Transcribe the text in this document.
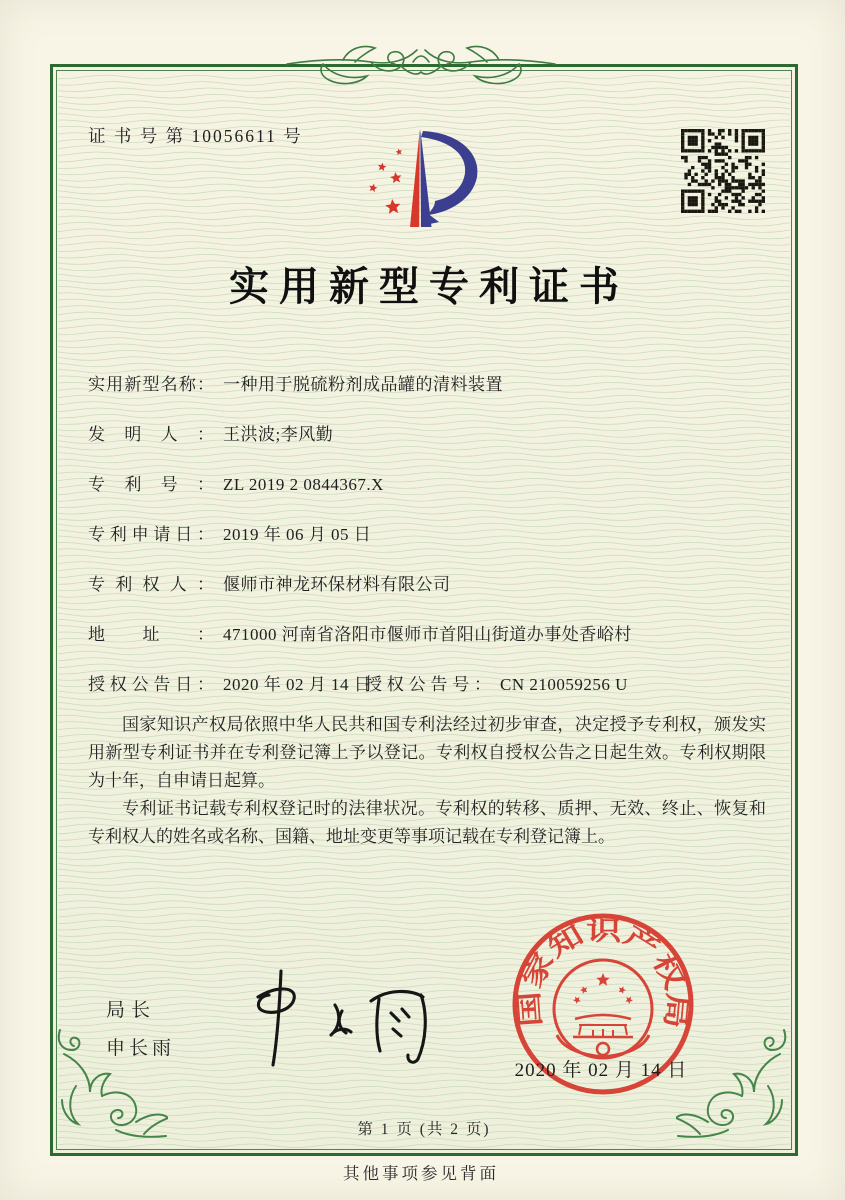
证 书 号 第 10056611 号
实用新型专利证书
实用新型名称： 一种用于脱硫粉剂成品罐的清料装置
发明人： 王洪波;李风勤
专利号： ZL 2019 2 0844367.X
专利申请日： 2019 年 06 月 05 日
专利权人： 偃师市神龙环保材料有限公司
地址： 471000 河南省洛阳市偃师市首阳山街道办事处香峪村
授权公告日： 2020 年 02 月 14 日
授权公告号： CN 210059256 U

国家知识产权局依照中华人民共和国专利法经过初步审查，决定授予专利权，颁发实用新型专利证书并在专利登记簿上予以登记。专利权自授权公告之日起生效。专利权期限为十年，自申请日起算。

专利证书记载专利权登记时的法律状况。专利权的转移、质押、无效、终止、恢复和专利权人的姓名或名称、国籍、地址变更等事项记载在专利登记簿上。

局长
申长雨
国家知识产权局
2020 年 02 月 14 日
第 1 页 (共 2 页)
其他事项参见背面
